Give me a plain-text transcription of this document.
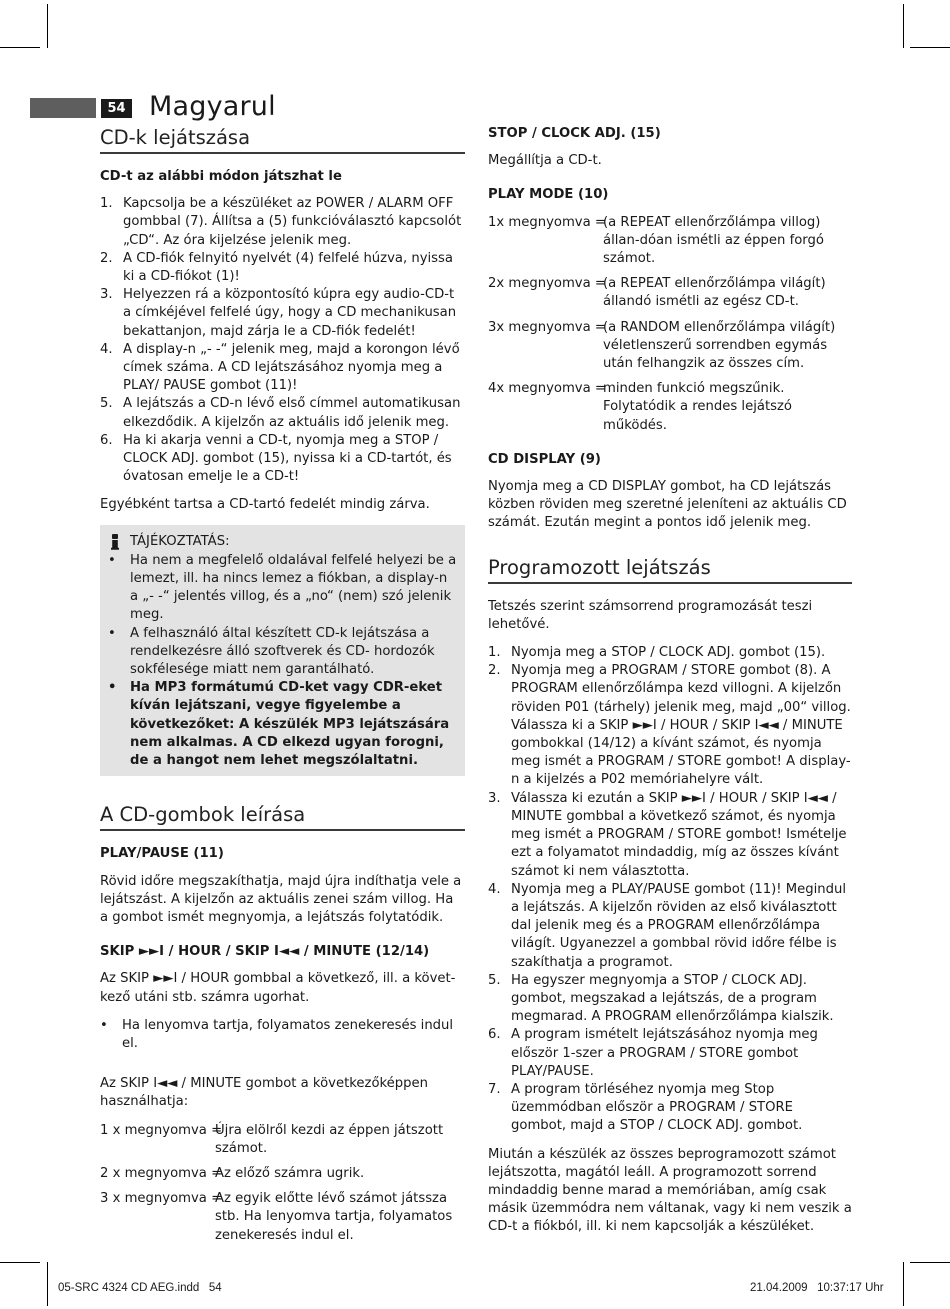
54 Magyarul
CD-k lejátszása
CD-t az alábbi módon játszhat le
1. Kapcsolja be a készüléket az POWER / ALARM OFF gombbal (7). Állítsa a (5) funkcióválasztó kapcsolót „CD“. Az óra kijelzése jelenik meg.
2. A CD-fiók felnyitó nyelvét (4) felfelé húzva, nyissa ki a CD-fiókot (1)!
3. Helyezzen rá a központosító kúpra egy audio-CD-t a címkéjével felfelé úgy, hogy a CD mechanikusan bekattanjon, majd zárja le a CD-fiók fedelét!
4. A display-n „- -“ jelenik meg, majd a korongon lévő címek száma. A CD lejátszásához nyomja meg a PLAY/ PAUSE gombot (11)!
5. A lejátszás a CD-n lévő első címmel automatikusan elkezdődik. A kijelzőn az aktuális idő jelenik meg.
6. Ha ki akarja venni a CD-t, nyomja meg a STOP / CLOCK ADJ. gombot (15), nyissa ki a CD-tartót, és óvatosan emelje le a CD-t!
Egyébként tartsa a CD-tartó fedelét mindig zárva.
TÁJÉKOZTATÁS:
• Ha nem a megfelelő oldalával felfelé helyezi be a lemezt, ill. ha nincs lemez a fiókban, a display-n a „- -“ jelentés villog, és a „no“ (nem) szó jelenik meg.
• A felhasználó által készített CD-k lejátszása a rendelkezésre álló szoftverek és CD- hordozók sokfélesége miatt nem garantálható.
• Ha MP3 formátumú CD-ket vagy CDR-eket kíván lejátszani, vegye figyelembe a következőket: A készülék MP3 lejátszására nem alkalmas. A CD elkezd ugyan forogni, de a hangot nem lehet megszólaltatni.
A CD-gombok leírása
PLAY/PAUSE (11)
Rövid időre megszakíthatja, majd újra indíthatja vele a lejátszást. A kijelzőn az aktuális zenei szám villog. Ha a gombot ismét megnyomja, a lejátszás folytatódik.
SKIP ►►I / HOUR / SKIP I◄◄ / MINUTE (12/14)
Az SKIP ►►I / HOUR gombbal a következő, ill. a követ-kező utáni stb. számra ugorhat.
• Ha lenyomva tartja, folyamatos zenekeresés indul el.
Az SKIP I◄◄ / MINUTE gombot a következőképpen használhatja:
1 x megnyomva =
Újra elölről kezdi az éppen játszott számot.
2 x megnyomva =
Az előző számra ugrik.
3 x megnyomva =
Az egyik előtte lévő számot játssza stb. Ha lenyomva tartja, folyamatos zenekeresés indul el.
STOP / CLOCK ADJ. (15)
Megállítja a CD-t.
PLAY MODE (10)
1x megnyomva =
(a REPEAT ellenőrzőlámpa villog) állan-dóan ismétli az éppen forgó számot.
2x megnyomva =
(a REPEAT ellenőrzőlámpa világít) állandó ismétli az egész CD-t.
3x megnyomva =
(a RANDOM ellenőrzőlámpa világít) véletlenszerű sorrendben egymás után felhangzik az összes cím.
4x megnyomva =
minden funkció megszűnik. Folytatódik a rendes lejátszó működés.
CD DISPLAY (9)
Nyomja meg a CD DISPLAY gombot, ha CD lejátszás közben röviden meg szeretné jeleníteni az aktuális CD számát. Ezután megint a pontos idő jelenik meg.
Programozott lejátszás
Tetszés szerint számsorrend programozását teszi lehetővé.
1. Nyomja meg a STOP / CLOCK ADJ. gombot (15).
2. Nyomja meg a PROGRAM / STORE gombot (8). A PROGRAM ellenőrzőlámpa kezd villogni. A kijelzőn röviden P01 (tárhely) jelenik meg, majd „00“ villog. Válassza ki a SKIP ►►I / HOUR / SKIP I◄◄ / MINUTE gombokkal (14/12) a kívánt számot, és nyomja meg ismét a PROGRAM / STORE gombot! A display-n a kijelzés a P02 memóriahelyre vált.
3. Válassza ki ezután a SKIP ►►I / HOUR / SKIP I◄◄ / MINUTE gombbal a következő számot, és nyomja meg ismét a PROGRAM / STORE gombot! Ismételje ezt a folyamatot mindaddig, míg az összes kívánt számot ki nem választotta.
4. Nyomja meg a PLAY/PAUSE gombot (11)! Megindul a lejátszás. A kijelzőn röviden az első kiválasztott dal jelenik meg és a PROGRAM ellenőrzőlámpa világít. Ugyanezzel a gombbal rövid időre félbe is szakíthatja a programot.
5. Ha egyszer megnyomja a STOP / CLOCK ADJ. gombot, megszakad a lejátszás, de a program megmarad. A PROGRAM ellenőrzőlámpa kialszik.
6. A program ismételt lejátszásához nyomja meg először 1-szer a PROGRAM / STORE gombot PLAY/PAUSE.
7. A program törléséhez nyomja meg Stop üzemmódban először a PROGRAM / STORE gombot, majd a STOP / CLOCK ADJ. gombot.
Miután a készülék az összes beprogramozott számot lejátszotta, magától leáll. A programozott sorrend mindaddig benne marad a memóriában, amíg csak másik üzemmódra nem váltanak, vagy ki nem veszik a CD-t a fiókból, ill. ki nem kapcsolják a készüléket.
05-SRC 4324 CD AEG.indd   54	21.04.2009   10:37:17 Uhr
